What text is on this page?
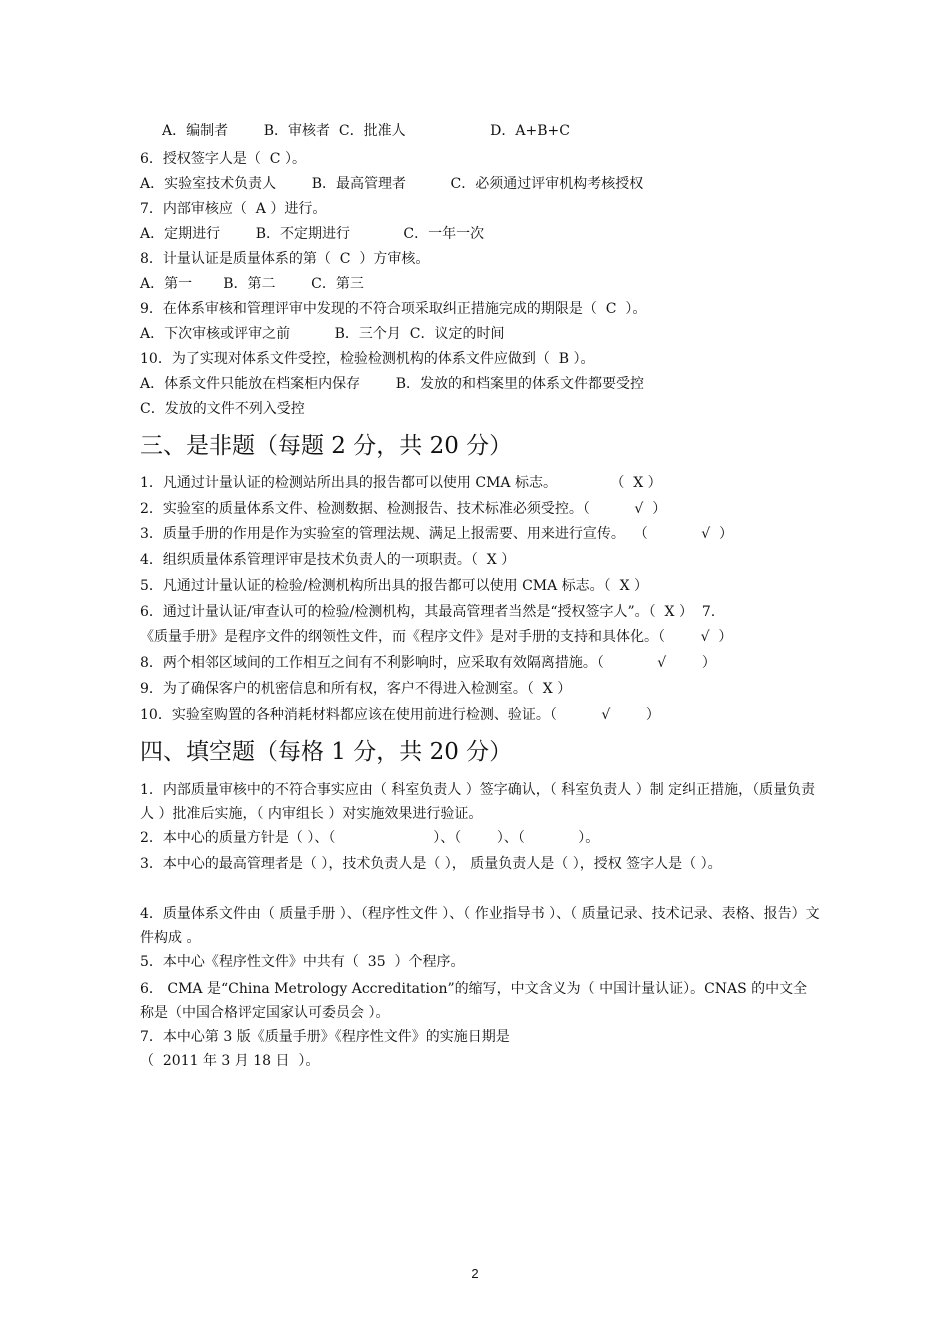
A．编制者        B．审核者  C．批准人                   D．A+B+C
6．授权签字人是（  C ）。
A．实验室技术负责人        B．最高管理者          C．必须通过评审机构考核授权
7．内部审核应（  A ）进行。
A．定期进行        B．不定期进行            C．一年一次
8．计量认证是质量体系的第（  C  ）方审核。
A．第一       B．第二        C．第三
9．在体系审核和管理评审中发现的不符合项采取纠正措施完成的期限是（  C  ）。
A．下次审核或评审之前          B．三个月  C．议定的时间
10．为了实现对体系文件受控，检验检测机构的体系文件应做到（  B ）。
A．体系文件只能放在档案柜内保存        B．发放的和档案里的体系文件都要受控
C．发放的文件不列入受控
三、是非题（每题 2 分，共 20 分）
1．凡通过计量认证的检测站所出具的报告都可以使用 CMA 标志。            （  X ）
2．实验室的质量体系文件、检测数据、检测报告、技术标准必须受控。（          √  ）
3．质量手册的作用是作为实验室的管理法规、满足上报需要、用来进行宣传。  （            √  ）
4．组织质量体系管理评审是技术负责人的一项职责。（  X ）
5．凡通过计量认证的检验/检测机构所出具的报告都可以使用 CMA 标志。（  X ）
6．通过计量认证/审查认可的检验/检测机构，其最高管理者当然是“授权签字人”。（  X ）  7.
《质量手册》是程序文件的纲领性文件，而《程序文件》是对手册的支持和具体化。（        √  ）
8．两个相邻区域间的工作相互之间有不利影响时，应采取有效隔离措施。（            √        ）
9．为了确保客户的机密信息和所有权，客户不得进入检测室。（  X ）
10．实验室购置的各种消耗材料都应该在使用前进行检测、验证。（          √        ）
四、填空题（每格 1 分，共 20 分）
1．内部质量审核中的不符合事实应由（ 科室负责人 ）签字确认，（ 科室负责人 ）制 定纠正措施，（质量负责人 ）批准后实施，（ 内审组长 ）对实施效果进行验证。
2．本中心的质量方针是（ ）、（                      ）、（        ）、（            ）。
3．本中心的最高管理者是（ ），技术负责人是（ ）， 质量负责人是（ ），授权 签字人是（ ）。
4．质量体系文件由（ 质量手册 ）、（程序性文件 ）、（ 作业指导书 ）、（ 质量记录、技术记录、表格、报告）文件构成 。
5．本中心《程序性文件》中共有（  35  ）个程序。
6． CMA 是“China Metrology Accreditation”的缩写，中文含义为（ 中国计量认证）。CNAS 的中文全称是（中国合格评定国家认可委员会 ）。
7．本中心第 3 版《质量手册》《程序性文件》的实施日期是
（  2011 年 3 月 18 日  ）。
2
